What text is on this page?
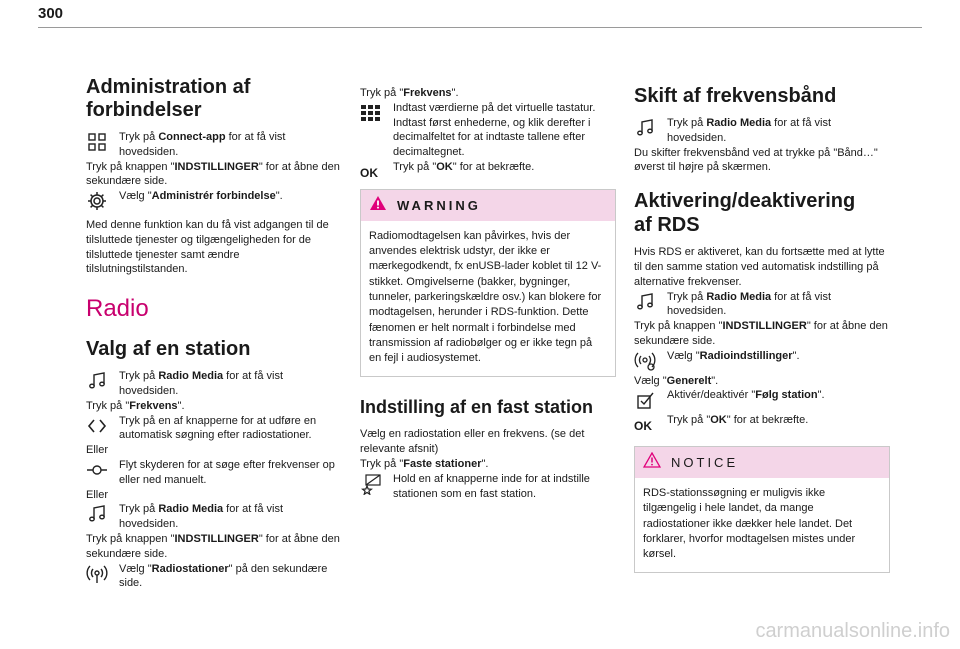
300
Administration af forbindelser
Tryk på Connect-app for at få vist hovedsiden.

Tryk på knappen "INDSTILLINGER" for at åbne den sekundære side.

Vælg "Administrér forbindelse".

Med denne funktion kan du få vist adgangen til de tilsluttede tjenester og tilgængeligheden for de tilsluttede tjenester samt ændre tilslutningstilstanden.

Radio
Valg af en station
Tryk på Radio Media for at få vist hovedsiden.

Tryk på "Frekvens".

Tryk på en af knapperne for at udføre en automatisk søgning efter radiostationer.

Eller

Flyt skyderen for at søge efter frekvenser op eller ned manuelt.

Eller

Tryk på Radio Media for at få vist hovedsiden.

Tryk på knappen "INDSTILLINGER" for at åbne den sekundære side.

Vælg "Radiostationer" på den sekundære side.

Tryk på "Frekvens".

Indtast værdierne på det virtuelle tastatur. Indtast først enhederne, og klik derefter i decimalfeltet for at indtaste tallene efter decimaltegnet.
OK Tryk på "OK" for at bekræfte.
WARNING
Radiomodtagelsen kan påvirkes, hvis der anvendes elektrisk udstyr, der ikke er mærkegodkendt, fx enUSB-lader koblet til 12 V-stikket. Omgivelserne (bakker, bygninger, tunneler, parkeringskældre osv.) kan blokere for modtagelsen, herunder i RDS-funktion. Dette fænomen er helt normalt i forbindelse med transmission af radiobølger og er ikke tegn på en fejl i audiosystemet.
Indstilling af en fast station

Vælg en radiostation eller en frekvens. (se det relevante afsnit)

Tryk på "Faste stationer".

Hold en af knapperne inde for at indstille stationen som en fast station.
Skift af frekvensbånd
Tryk på Radio Media for at få vist hovedsiden.

Du skifter frekvensbånd ved at trykke på "Bånd…" øverst til højre på skærmen.

Aktivering/deaktivering af RDS

Hvis RDS er aktiveret, kan du fortsætte med at lytte til den samme station ved automatisk indstilling på alternative frekvenser.

Tryk på Radio Media for at få vist hovedsiden.

Tryk på knappen "INDSTILLINGER" for at åbne den sekundære side.

Vælg "Radioindstillinger".

Vælg "Generelt".

Aktivér/deaktivér "Følg station".
OK Tryk på "OK" for at bekræfte.
NOTICE
RDS-stationssøgning er muligvis ikke tilgængelig i hele landet, da mange radiostationer ikke dækker hele landet. Det forklarer, hvorfor modtagelsen mistes under kørsel.
carmanualsonline.info
